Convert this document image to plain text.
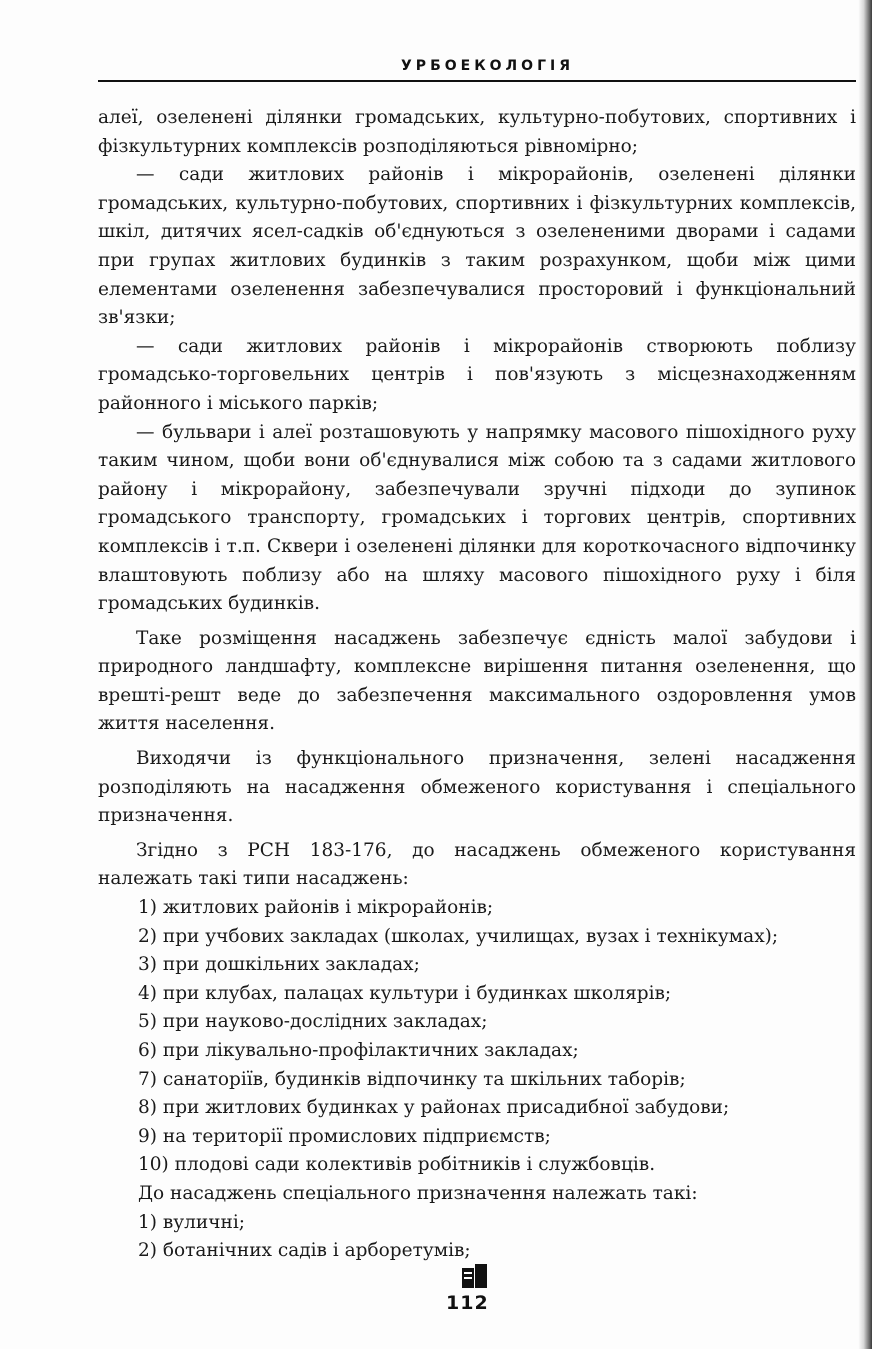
УРБОЕКОЛОГІЯ

алеї, озеленені ділянки громадських, культурно-побутових, спортивних і фізкультурних комплексів розподіляються рівномірно;

— сади житлових районів і мікрорайонів, озеленені ділянки громадських, культурно-побутових, спортивних і фізкультурних комплексів, шкіл, дитячих ясел-садків об'єднуються з озелененими дворами і садами при групах житлових будинків з таким розрахунком, щоби між цими елементами озеленення забезпечувалися просторовий і функціональний зв'язки;

— сади житлових районів і мікрорайонів створюють поблизу громадсько-торговельних центрів і пов'язують з місцезнаходженням районного і міського парків;

— бульвари і алеї розташовують у напрямку масового пішохідного руху таким чином, щоби вони об'єднувалися між собою та з садами житлового району і мікрорайону, забезпечували зручні підходи до зупинок громадського транспорту, громадських і торгових центрів, спортивних комплексів і т.п. Сквери і озеленені ділянки для короткочасного відпочинку влаштовують поблизу або на шляху масового пішохідного руху і біля громадських будинків.

Таке розміщення насаджень забезпечує єдність малої забудови і природного ландшафту, комплексне вирішення питання озеленення, що врешті-решт веде до забезпечення максимального оздоровлення умов життя населення.

Виходячи із функціонального призначення, зелені насадження розподіляють на насадження обмеженого користування і спеціального призначення.

Згідно з РСН 183-176, до насаджень обмеженого користування належать такі типи насаджень:

1) житлових районів і мікрорайонів;

2) при учбових закладах (школах, училищах, вузах і технікумах);

3) при дошкільних закладах;

4) при клубах, палацах культури і будинках школярів;

5) при науково-дослідних закладах;

6) при лікувально-профілактичних закладах;

7) санаторіїв, будинків відпочинку та шкільних таборів;

8) при житлових будинках у районах присадибної забудови;

9) на території промислових підприємств;

10) плодові сади колективів робітників і службовців.

До насаджень спеціального призначення належать такі:

1) вуличні;

2) ботанічних садів і арборетумів;

112
